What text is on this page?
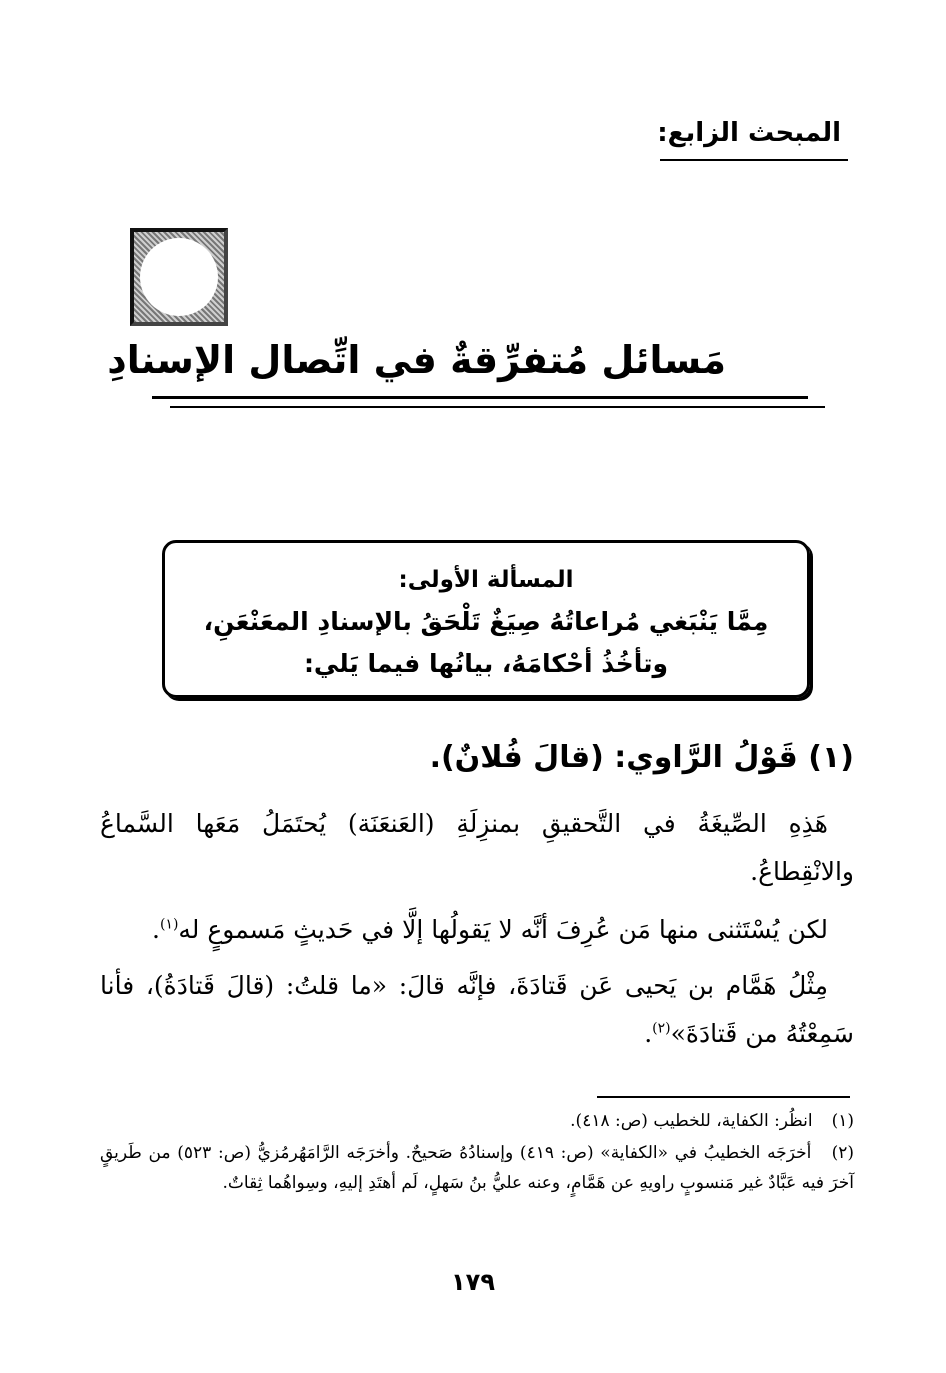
المبحث الزابع:
مَسائل مُتفرِّقةٌ في اتِّصال الإسنادِ
المسألة الأولى:
مِمَّا يَنْبَغي مُراعاتُهُ صِيَغٌ تَلْحَقُ بالإسنادِ المعَنْعَنِ،
وتأخُذُ أحْكامَهُ، بيانُها فيما يَلي:
(١) قَوْلُ الرَّاوي: (قالَ فُلانٌ).
هَذِهِ الصِّيغَةُ في التَّحقيقِ بمنزِلَةِ (العَنعَنَة) يُحتَمَلُ مَعَها السَّماعُ والانْقِطاعُ.
لكن يُسْتَثنى منها مَن عُرِفَ أنَّه لا يَقولُها إلَّا في حَديثٍ مَسموعٍ له$^{(١)}$.
مِثْلُ هَمَّام بن يَحيى عَن قَتادَةَ، فإنَّه قالَ: «ما قلتُ: (قالَ قَتادَةُ)، فأنا سَمِعْتُهُ من قَتادَةَ»$^{(٢)}$.
(١) انظُر: الكفاية، للخطيب (ص: ٤١٨).
(٢) أخرَجَه الخطيبُ في «الكفاية» (ص: ٤١٩) وإسنادُهُ صَحيحٌ. وأخرَجَه الرَّامَهُرمُزيُّ (ص: ٥٢٣) من طَريقٍ آخرَ فيه عَبَّادٌ غير مَنسوبٍ راويهِ عن هَمَّامٍ، وعنه عليُّ بنُ سَهلٍ، لَم أهتَدِ إليهِ، وسِواهُما ثِقاتٌ.
١٧٩
